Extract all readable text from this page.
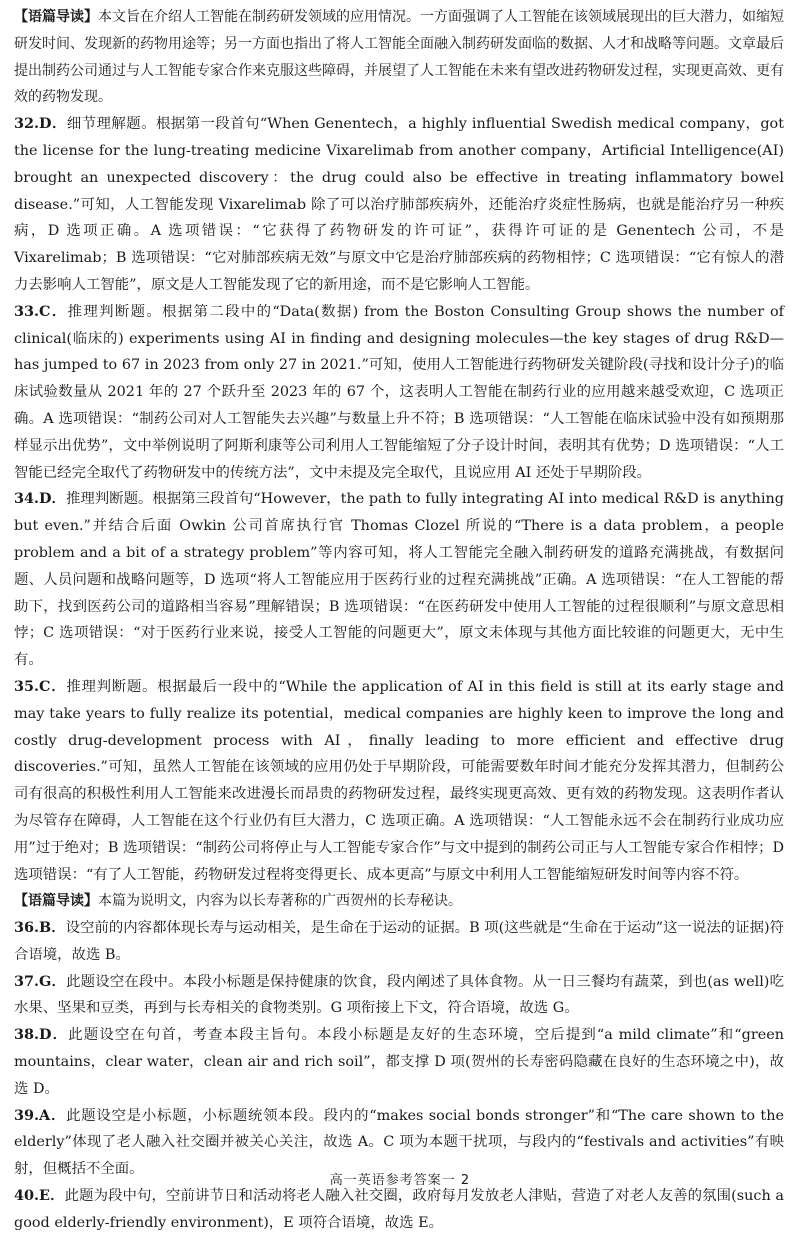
【语篇导读】本文旨在介绍人工智能在制药研发领域的应用情况。一方面强调了人工智能在该领域展现出的巨大潜力，如缩短研发时间、发现新的药物用途等；另一方面也指出了将人工智能全面融入制药研发面临的数据、人才和战略等问题。文章最后提出制药公司通过与人工智能专家合作来克服这些障碍，并展望了人工智能在未来有望改进药物研发过程，实现更高效、更有效的药物发现。

32.D．细节理解题。根据第一段首句“When Genentech，a highly influential Swedish medical company，got the license for the lung-treating medicine Vixarelimab from another company，Artificial Intelligence(AI) brought an unexpected discovery：the drug could also be effective in treating inflammatory bowel disease.”可知，人工智能发现 Vixarelimab 除了可以治疗肺部疾病外，还能治疗炎症性肠病，也就是能治疗另一种疾病，D 选项正确。A 选项错误：“它获得了药物研发的许可证”，获得许可证的是 Genentech 公司，不是 Vixarelimab；B 选项错误：“它对肺部疾病无效”与原文中它是治疗肺部疾病的药物相悖；C 选项错误：“它有惊人的潜力去影响人工智能”，原文是人工智能发现了它的新用途，而不是它影响人工智能。

33.C．推理判断题。根据第二段中的“Data(数据) from the Boston Consulting Group shows the number of clinical(临床的) experiments using AI in finding and designing molecules—the key stages of drug R&D—has jumped to 67 in 2023 from only 27 in 2021.”可知，使用人工智能进行药物研发关键阶段(寻找和设计分子)的临床试验数量从 2021 年的 27 个跃升至 2023 年的 67 个，这表明人工智能在制药行业的应用越来越受欢迎，C 选项正确。A 选项错误：“制药公司对人工智能失去兴趣”与数量上升不符；B 选项错误：“人工智能在临床试验中没有如预期那样显示出优势”，文中举例说明了阿斯利康等公司利用人工智能缩短了分子设计时间，表明其有优势；D 选项错误：“人工智能已经完全取代了药物研发中的传统方法”，文中未提及完全取代，且说应用 AI 还处于早期阶段。

34.D．推理判断题。根据第三段首句“However，the path to fully integrating AI into medical R&D is anything but even.”并结合后面 Owkin 公司首席执行官 Thomas Clozel 所说的“There is a data problem，a people problem and a bit of a strategy problem”等内容可知，将人工智能完全融入制药研发的道路充满挑战，有数据问题、人员问题和战略问题等，D 选项“将人工智能应用于医药行业的过程充满挑战”正确。A 选项错误：“在人工智能的帮助下，找到医药公司的道路相当容易”理解错误；B 选项错误：“在医药研发中使用人工智能的过程很顺利”与原文意思相悖；C 选项错误：“对于医药行业来说，接受人工智能的问题更大”，原文未体现与其他方面比较谁的问题更大，无中生有。

35.C．推理判断题。根据最后一段中的“While the application of AI in this field is still at its early stage and may take years to fully realize its potential，medical companies are highly keen to improve the long and costly drug-development process with AI，finally leading to more efficient and effective drug discoveries.”可知，虽然人工智能在该领域的应用仍处于早期阶段，可能需要数年时间才能充分发挥其潜力，但制药公司有很高的积极性利用人工智能来改进漫长而昂贵的药物研发过程，最终实现更高效、更有效的药物发现。这表明作者认为尽管存在障碍，人工智能在这个行业仍有巨大潜力，C 选项正确。A 选项错误：“人工智能永远不会在制药行业成功应用”过于绝对；B 选项错误：“制药公司将停止与人工智能专家合作”与文中提到的制药公司正与人工智能专家合作相悖；D 选项错误：“有了人工智能，药物研发过程将变得更长、成本更高”与原文中利用人工智能缩短研发时间等内容不符。

【语篇导读】本篇为说明文，内容为以长寿著称的广西贺州的长寿秘诀。

36.B．设空前的内容都体现长寿与运动相关，是生命在于运动的证据。B 项(这些就是“生命在于运动”这一说法的证据)符合语境，故选 B。

37.G．此题设空在段中。本段小标题是保持健康的饮食，段内阐述了具体食物。从一日三餐均有蔬菜，到也(as well)吃水果、坚果和豆类，再到与长寿相关的食物类别。G 项衔接上下文，符合语境，故选 G。

38.D．此题设空在句首，考查本段主旨句。本段小标题是友好的生态环境，空后提到“a mild climate”和“green mountains，clear water，clean air and rich soil”，都支撑 D 项(贺州的长寿密码隐藏在良好的生态环境之中)，故选 D。

39.A．此题设空是小标题，小标题统领本段。段内的“makes social bonds stronger”和“The care shown to the elderly”体现了老人融入社交圈并被关心关注，故选 A。C 项为本题干扰项，与段内的“festivals and activities”有映射，但概括不全面。

40.E．此题为段中句，空前讲节日和活动将老人融入社交圈，政府每月发放老人津贴，营造了对老人友善的氛围(such a good elderly-friendly environment)，E 项符合语境，故选 E。

高一英语参考答案一 2
